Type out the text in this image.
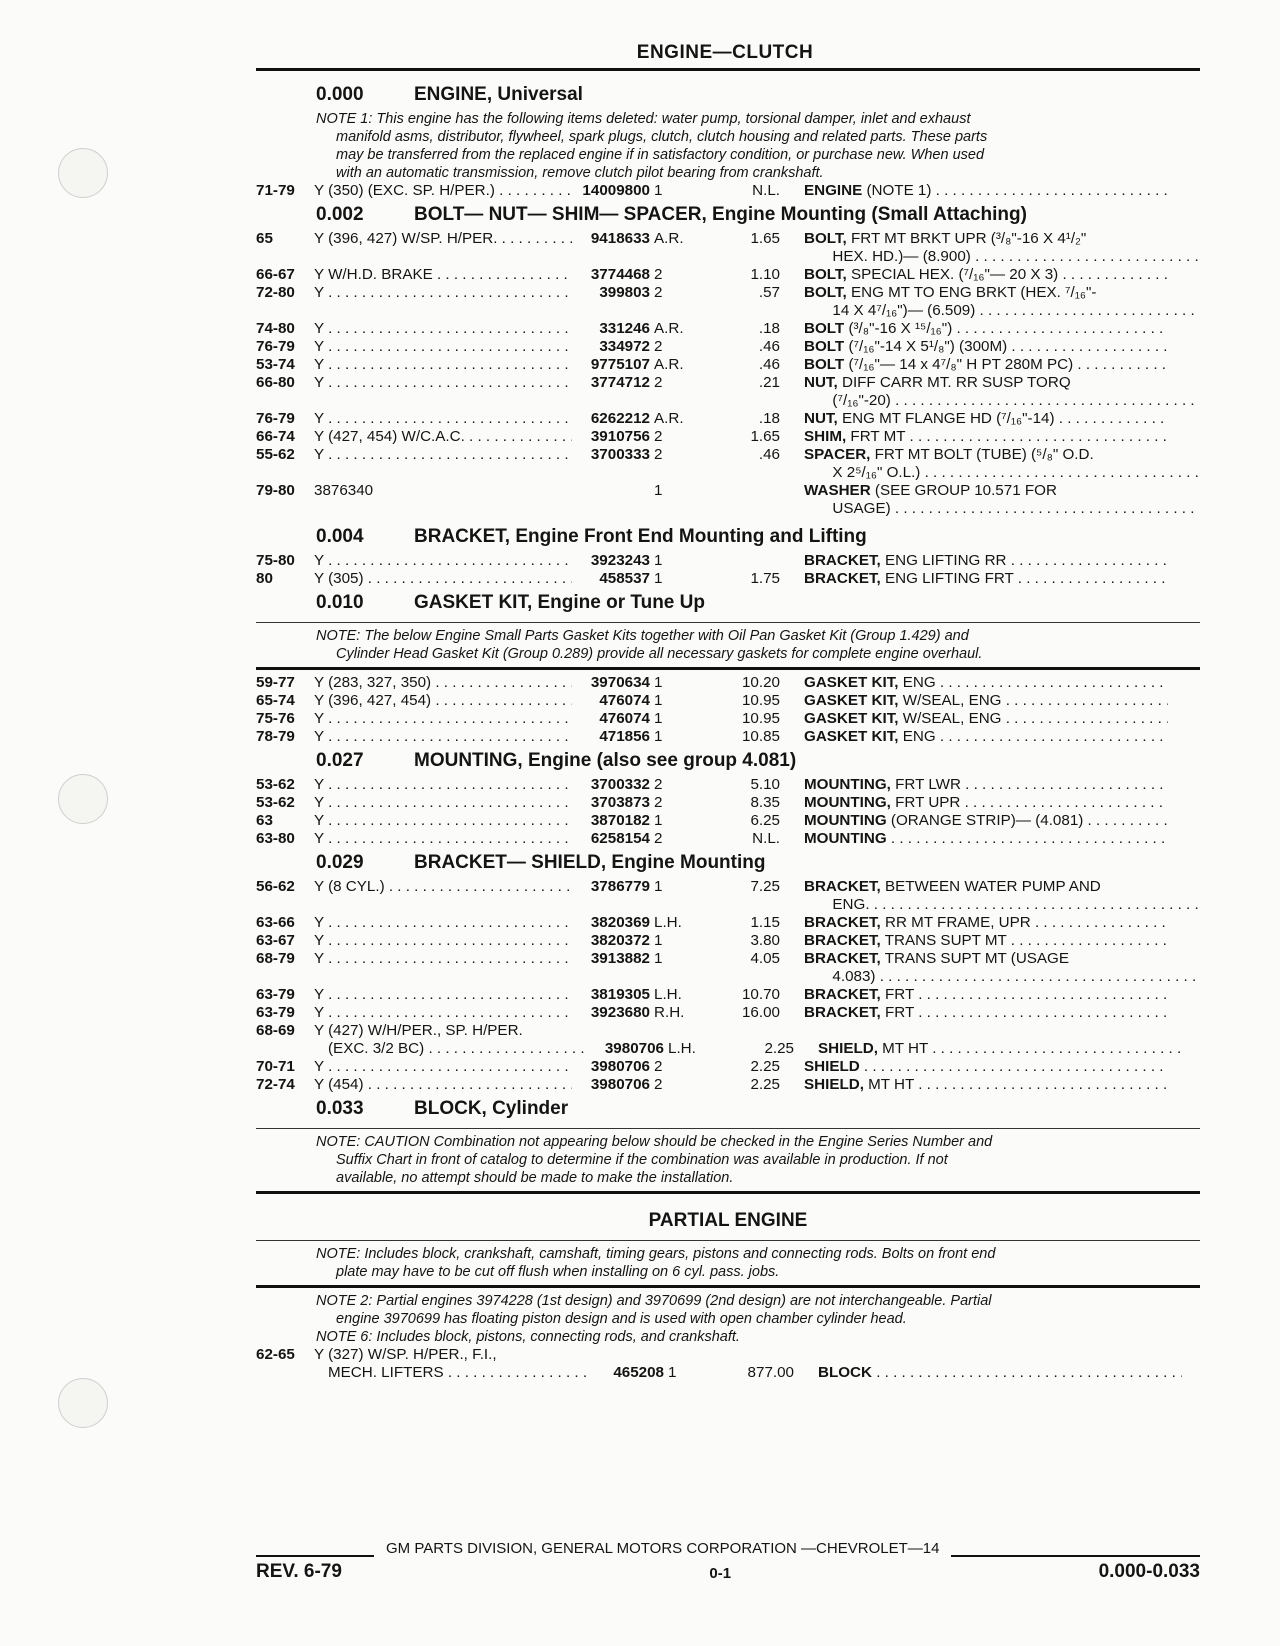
ENGINE—CLUTCH
0.000	ENGINE, Universal

NOTE 1: This engine has the following items deleted: water pump, torsional damper, inlet and exhaust

manifold asms, distributor, flywheel, spark plugs, clutch, clutch housing and related parts. These parts

may be transferred from the replaced engine if in satisfactory condition, or purchase new. When used

with an automatic transmission, remove clutch pilot bearing from crankshaft.

71-79	Y (350) (EXC. SP. H/PER.) . . . . . . . .	14009800 1	N.L.	ENGINE (NOTE 1) . . .
0.002	BOLT— NUT— SHIM— SPACER, Engine Mounting (Small Attaching)
65	Y (396, 427) W/SP. H/PER. . . . . . .	9418633 A.R.	1.65	BOLT, FRT MT BRKT UPR (³/₈"-16 X 4¹/₂"
HEX. HD.)— (8.900) . . .
66-67	Y W/H.D. BRAKE . . .	3774468 2	1.10	BOLT, SPECIAL HEX. (⁷/₁₆"— 20 X 3) . . .
72-80	Y . . .	399803 2	.57	BOLT, ENG MT TO ENG BRKT (HEX. ⁷/₁₆"-
14 X 4⁷/₁₆")— (6.509) . . .
74-80	Y . . .	331246 A.R.	.18	BOLT (³/₈"-16 X ¹⁵/₁₆") . . .
76-79	Y . . .	334972 2	.46	BOLT (⁷/₁₆"-14 X 5¹/₈") (300M) . . .
53-74	Y . . .	9775107 A.R.	.46	BOLT (⁷/₁₆"— 14 x 4⁷/₈" H PT 280M PC) . . .
66-80	Y . . .	3774712 2	.21	NUT, DIFF CARR MT. RR SUSP TORQ
(⁷/₁₆"-20) . . .
76-79	Y . . .	6262212 A.R.	.18	NUT, ENG MT FLANGE HD (⁷/₁₆"-14) . . .
66-74	Y (427, 454) W/C.A.C. . . .	3910756 2	1.65	SHIM, FRT MT . . .
55-62	Y . . .	3700333 2	.46	SPACER, FRT MT BOLT (TUBE) (⁵/₈" O.D.
X 2⁵/₁₆" O.L.) . . .
79-80	3876340	1	WASHER (SEE GROUP 10.571 FOR
USAGE) . . .
0.004	BRACKET, Engine Front End Mounting and Lifting
75-80	Y . . .	3923243 1	BRACKET, ENG LIFTING RR . . .
80	Y (305) . . .	458537 1	1.75	BRACKET, ENG LIFTING FRT . . .
0.010	GASKET KIT, Engine or Tune Up

NOTE: The below Engine Small Parts Gasket Kits together with Oil Pan Gasket Kit (Group 1.429) and

Cylinder Head Gasket Kit (Group 0.289) provide all necessary gaskets for complete engine overhaul.

59-77	Y (283, 327, 350) . . .	3970634 1	10.20	GASKET KIT, ENG . . .
65-74	Y (396, 427, 454) . . .	476074 1	10.95	GASKET KIT, W/SEAL, ENG . . .
75-76	Y . . .	476074 1	10.95	GASKET KIT, W/SEAL, ENG . . .
78-79	Y . . .	471856 1	10.85	GASKET KIT, ENG . . .
0.027	MOUNTING, Engine (also see group 4.081)
53-62	Y . . .	3700332 2	5.10	MOUNTING, FRT LWR . . .
53-62	Y . . .	3703873 2	8.35	MOUNTING, FRT UPR . . .
63	Y . . .	3870182 1	6.25	MOUNTING (ORANGE STRIP)— (4.081) . . .
63-80	Y . . .	6258154 2	N.L.	MOUNTING . . .
0.029	BRACKET— SHIELD, Engine Mounting
56-62	Y (8 CYL.) . . .	3786779 1	7.25	BRACKET, BETWEEN WATER PUMP AND
ENG. . . .
63-66	Y . . .	3820369 L.H.	1.15	BRACKET, RR MT FRAME, UPR . . .
63-67	Y . . .	3820372 1	3.80	BRACKET, TRANS SUPT MT . . .
68-79	Y . . .	3913882 1	4.05	BRACKET, TRANS SUPT MT (USAGE
4.083) . . .
63-79	Y . . .	3819305 L.H.	10.70	BRACKET, FRT . . .
63-79	Y . . .	3923680 R.H.	16.00	BRACKET, FRT . . .
68-69	Y (427) W/H/PER., SP. H/PER.
(EXC. 3/2 BC) . . .	3980706 L.H.	2.25	SHIELD, MT HT . . .
70-71	Y . . .	3980706 2	2.25	SHIELD . . .
72-74	Y (454) . . .	3980706 2	2.25	SHIELD, MT HT . . .
0.033	BLOCK, Cylinder

NOTE: CAUTION Combination not appearing below should be checked in the Engine Series Number and

Suffix Chart in front of catalog to determine if the combination was available in production. If not

available, no attempt should be made to make the installation.

PARTIAL ENGINE

NOTE: Includes block, crankshaft, camshaft, timing gears, pistons and connecting rods. Bolts on front end

plate may have to be cut off flush when installing on 6 cyl. pass. jobs.

NOTE 2: Partial engines 3974228 (1st design) and 3970699 (2nd design) are not interchangeable. Partial

engine 3970699 has floating piston design and is used with open chamber cylinder head.

NOTE 6: Includes block, pistons, connecting rods, and crankshaft.

62-65	Y (327) W/SP. H/PER., F.I.,
MECH. LIFTERS . . .	465208 1	877.00	BLOCK . . .
GM PARTS DIVISION, GENERAL MOTORS CORPORATION —CHEVROLET—14
REV. 6-79	0-1	0.000-0.033
